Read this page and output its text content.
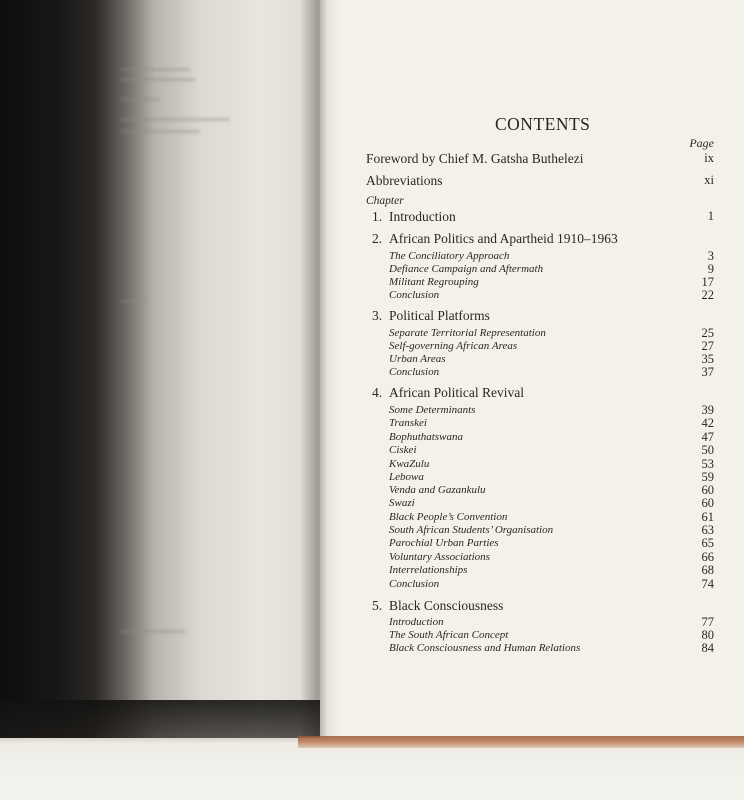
CONTENTS
Page
Foreword by Chief M. Gatsha Buthelezi	ix
Abbreviations	xi
Chapter
1. Introduction	1
2. African Politics and Apartheid 1910–1963
The Conciliatory Approach	3
Defiance Campaign and Aftermath	9
Militant Regrouping	17
Conclusion	22
3. Political Platforms
Separate Territorial Representation	25
Self-governing African Areas	27
Urban Areas	35
Conclusion	37
4. African Political Revival
Some Determinants	39
Transkei	42
Bophuthatswana	47
Ciskei	50
KwaZulu	53
Lebowa	59
Venda and Gazankulu	60
Swazi	60
Black People’s Convention	61
South African Students’ Organisation	63
Parochial Urban Parties	65
Voluntary Associations	66
Interrelationships	68
Conclusion	74
5. Black Consciousness
Introduction	77
The South African Concept	80
Black Consciousness and Human Relations	84
